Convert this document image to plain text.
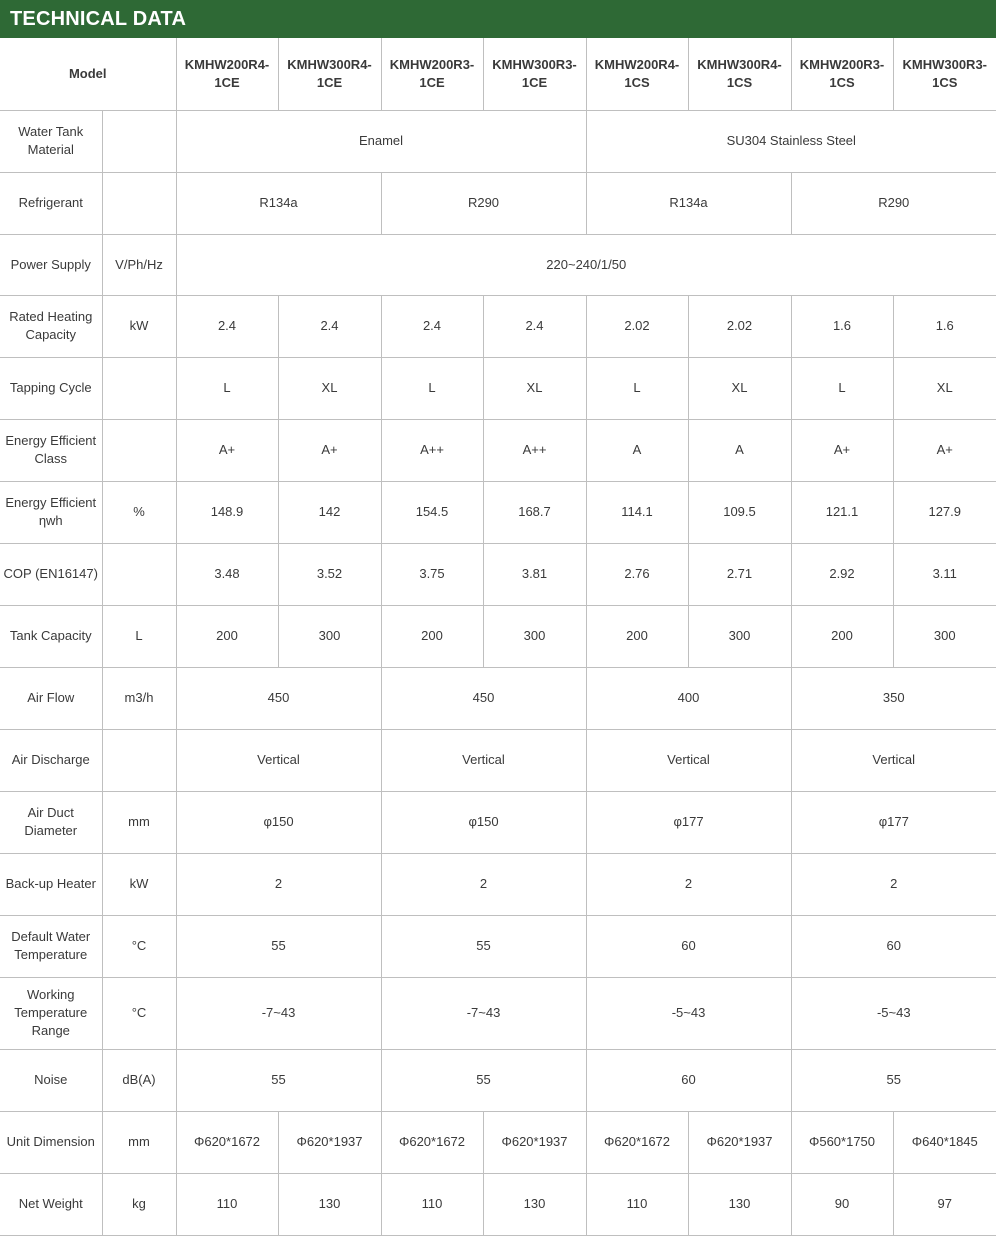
TECHNICAL DATA
Model		KMHW200R4-1CE	KMHW300R4-1CE	KMHW200R3-1CE	KMHW300R3-1CE	KMHW200R4-1CS	KMHW300R4-1CS	KMHW200R3-1CS	KMHW300R3-1CS
Water Tank Material		Enamel				SU304 Stainless Steel			
Refrigerant		R134a		R290		R134a		R290	
Power Supply	V/Ph/Hz	220~240/1/50							
Rated Heating Capacity	kW	2.4	2.4	2.4	2.4	2.02	2.02	1.6	1.6
Tapping Cycle		L	XL	L	XL	L	XL	L	XL
Energy Efficient Class		A+	A+	A++	A++	A	A	A+	A+
Energy Efficient ηwh	%	148.9	142	154.5	168.7	114.1	109.5	121.1	127.9
COP (EN16147)		3.48	3.52	3.75	3.81	2.76	2.71	2.92	3.11
Tank Capacity	L	200	300	200	300	200	300	200	300
Air Flow	m3/h	450		450		400		350	
Air Discharge		Vertical		Vertical		Vertical		Vertical	
Air Duct Diameter	mm	φ150		φ150		φ177		φ177	
Back-up Heater	kW	2		2		2		2	
Default Water Temperature	°C	55		55		60		60	
Working Temperature Range	°C	-7~43		-7~43		-5~43		-5~43	
Noise	dB(A)	55		55		60		55	
Unit Dimension	mm	Φ620*1672	Φ620*1937	Φ620*1672	Φ620*1937	Φ620*1672	Φ620*1937	Φ560*1750	Φ640*1845
Net Weight	kg	110	130	110	130	110	130	90	97
